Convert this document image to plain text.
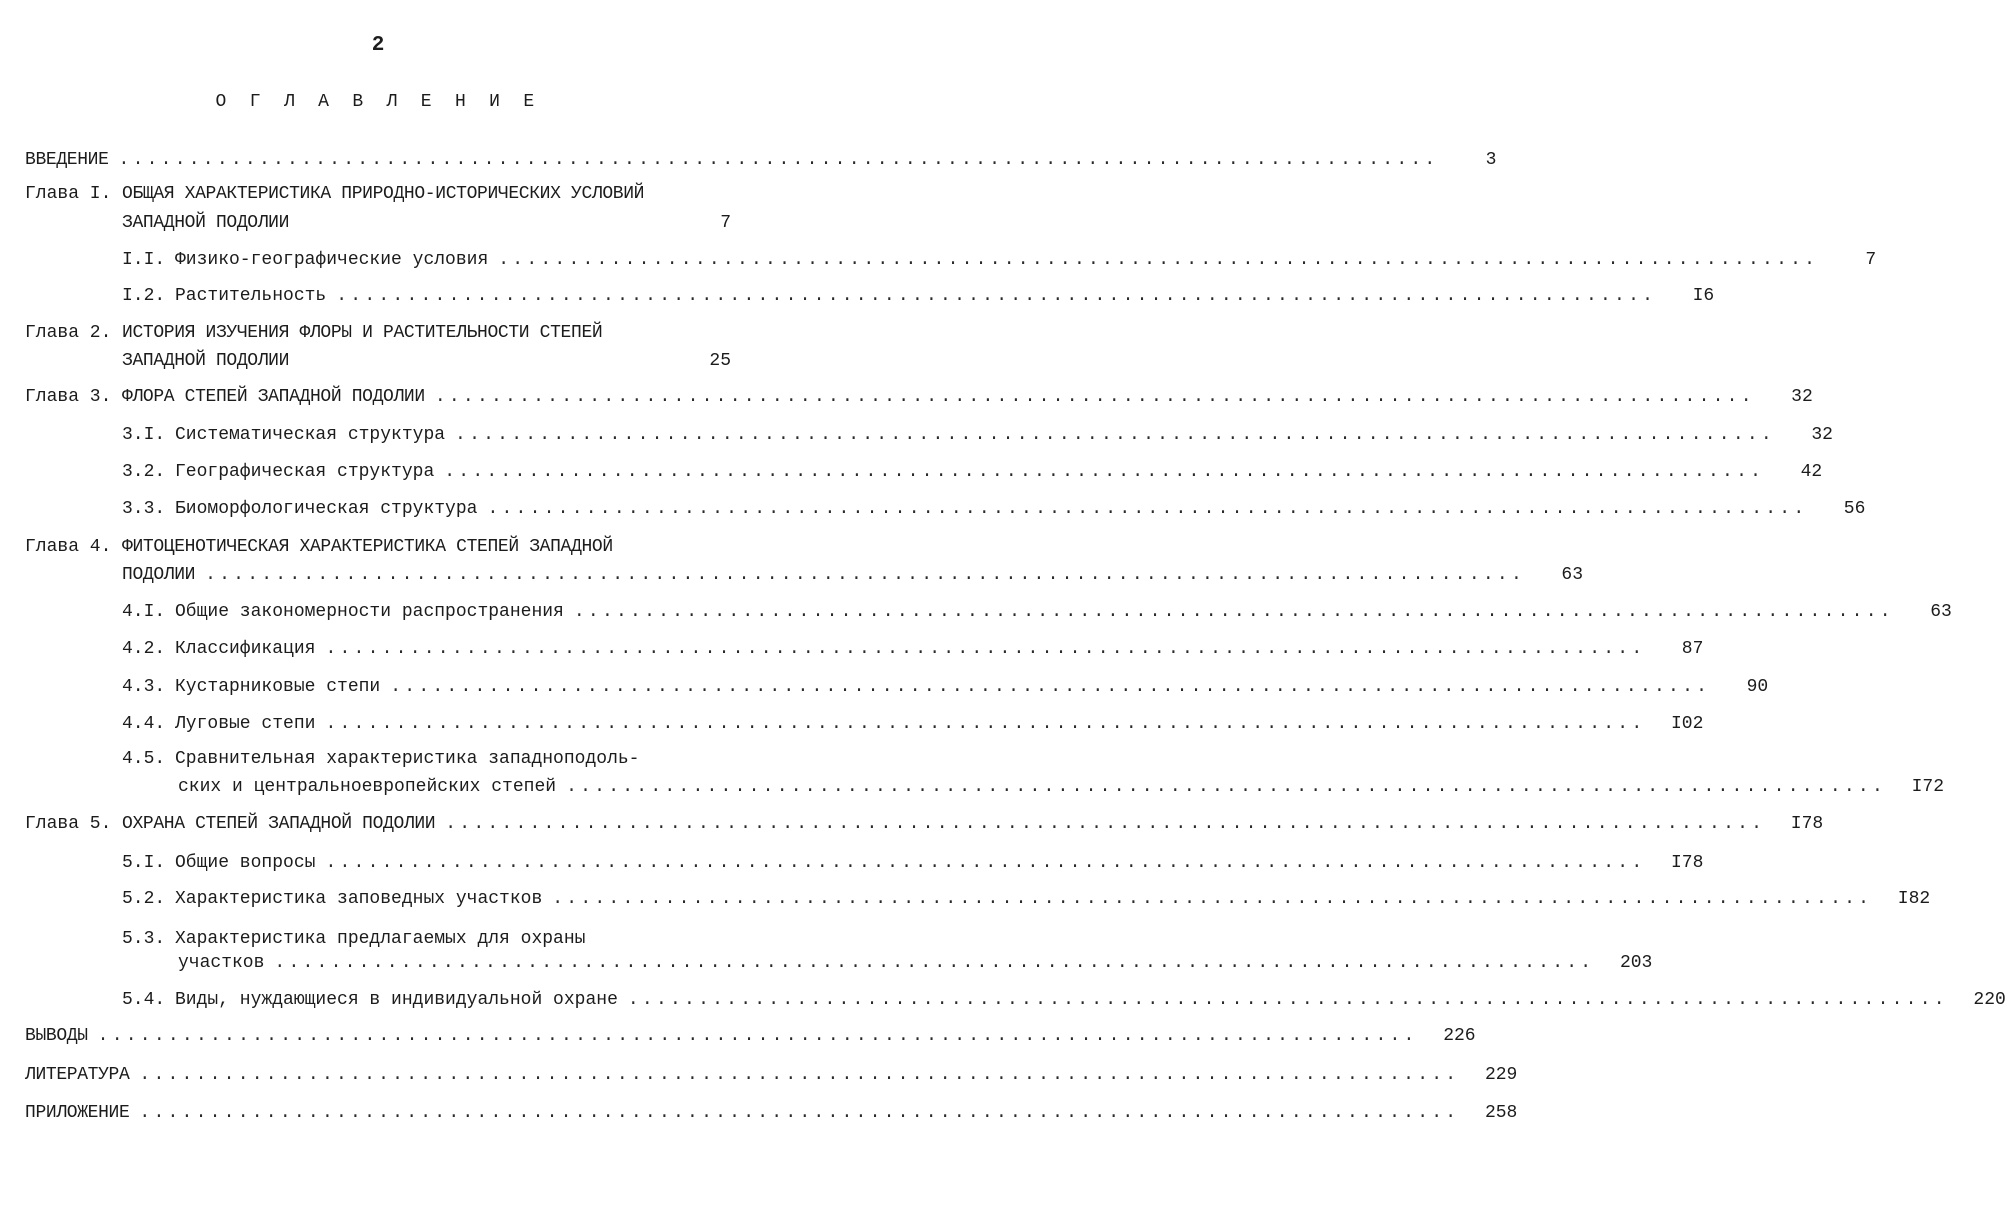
2
О Г Л А В Л Е Н И Е
ВВЕДЕНИЕ ..............................................................................................	3
Глава I. ОБЩАЯ ХАРАКТЕРИСТИКА ПРИРОДНО-ИСТОРИЧЕСКИХ УСЛОВИЙ
ЗАПАДНОЙ ПОДОЛИИ	7
I.I. Физико-географические условия ..............................................................................................	7
I.2. Растительность ..............................................................................................	I6
Глава 2. ИСТОРИЯ ИЗУЧЕНИЯ ФЛОРЫ И РАСТИТЕЛЬНОСТИ СТЕПЕЙ
ЗАПАДНОЙ ПОДОЛИИ	25
Глава 3. ФЛОРА СТЕПЕЙ ЗАПАДНОЙ ПОДОЛИИ ..............................................................................................	32
3.I. Систематическая структура ..............................................................................................	32
3.2. Географическая структура ..............................................................................................	42
3.3. Биоморфологическая структура ..............................................................................................	56
Глава 4. ФИТОЦЕНОТИЧЕСКАЯ ХАРАКТЕРИСТИКА СТЕПЕЙ ЗАПАДНОЙ
ПОДОЛИИ ..............................................................................................	63
4.I. Общие закономерности распространения ..............................................................................................	63
4.2. Классификация ..............................................................................................	87
4.3. Кустарниковые степи ..............................................................................................	90
4.4. Луговые степи ..............................................................................................	I02
4.5. Сравнительная характеристика западноподоль-
ских и центральноевропейских степей ..............................................................................................	I72
Глава 5. ОХРАНА СТЕПЕЙ ЗАПАДНОЙ ПОДОЛИИ ..............................................................................................	I78
5.I. Общие вопросы ..............................................................................................	I78
5.2. Характеристика заповедных участков ..............................................................................................	I82
5.3. Характеристика предлагаемых для охраны
участков ..............................................................................................	203
5.4. Виды, нуждающиеся в индивидуальной охране ..............................................................................................	220
ВЫВОДЫ ..............................................................................................	226
ЛИТЕРАТУРА ..............................................................................................	229
ПРИЛОЖЕНИЕ ..............................................................................................	258
